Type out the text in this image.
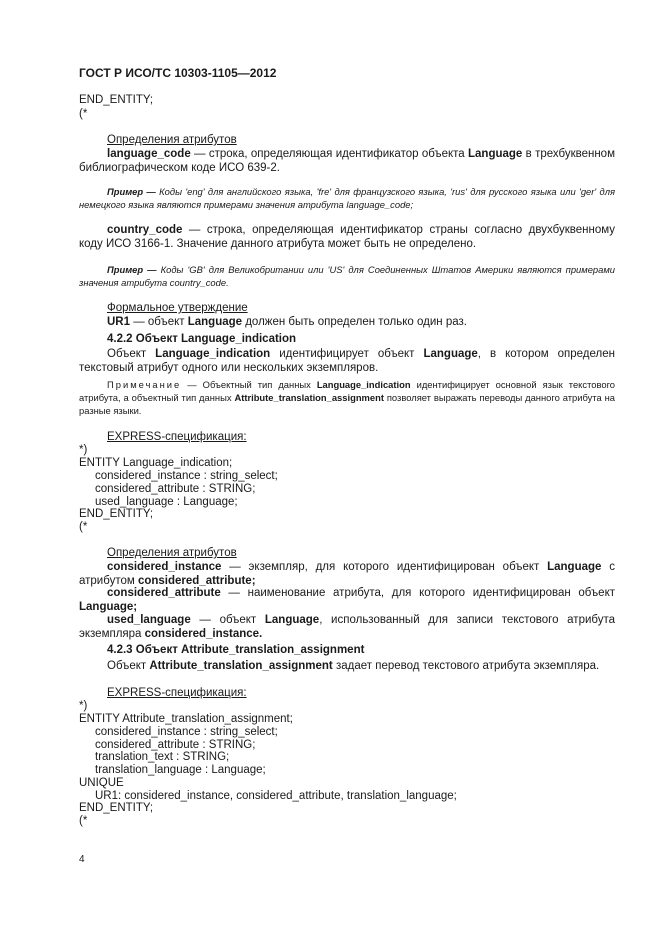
ГОСТ Р ИСО/ТС 10303-1105—2012
END_ENTITY;
(*
Определения атрибутов
language_code — строка, определяющая идентификатор объекта Language в трехбуквенном библиографическом коде ИСО 639-2.
Пример — Коды 'eng' для английского языка, 'fre' для французского языка, 'rus' для русского языка или 'ger' для немецкого языка являются примерами значения атрибута language_code;
country_code — строка, определяющая идентификатор страны согласно двухбуквенному коду ИСО 3166-1. Значение данного атрибута может быть не определено.
Пример — Коды 'GB' для Великобритании или 'US' для Соединенных Штатов Америки являются примерами значения атрибута country_code.
Формальное утверждение
UR1 — объект Language должен быть определен только один раз.
4.2.2 Объект Language_indication
Объект Language_indication идентифицирует объект Language, в котором определен текстовый атрибут одного или нескольких экземпляров.
Примечание — Объектный тип данных Language_indication идентифицирует основной язык текстового атрибута, а объектный тип данных Attribute_translation_assignment позволяет выражать переводы данного атрибута на разные языки.
EXPRESS-спецификация:
*)
ENTITY Language_indication;
considered_instance : string_select;
considered_attribute : STRING;
used_language : Language;
END_ENTITY;
(*
Определения атрибутов
considered_instance — экземпляр, для которого идентифицирован объект Language с атрибутом considered_attribute;
considered_attribute — наименование атрибута, для которого идентифицирован объект Language;
used_language — объект Language, использованный для записи текстового атрибута экземпляра considered_instance.
4.2.3 Объект Attribute_translation_assignment
Объект Attribute_translation_assignment задает перевод текстового атрибута экземпляра.
EXPRESS-спецификация:
*)
ENTITY Attribute_translation_assignment;
considered_instance : string_select;
considered_attribute : STRING;
translation_text : STRING;
translation_language : Language;
UNIQUE
UR1: considered_instance, considered_attribute, translation_language;
END_ENTITY;
(*
4
